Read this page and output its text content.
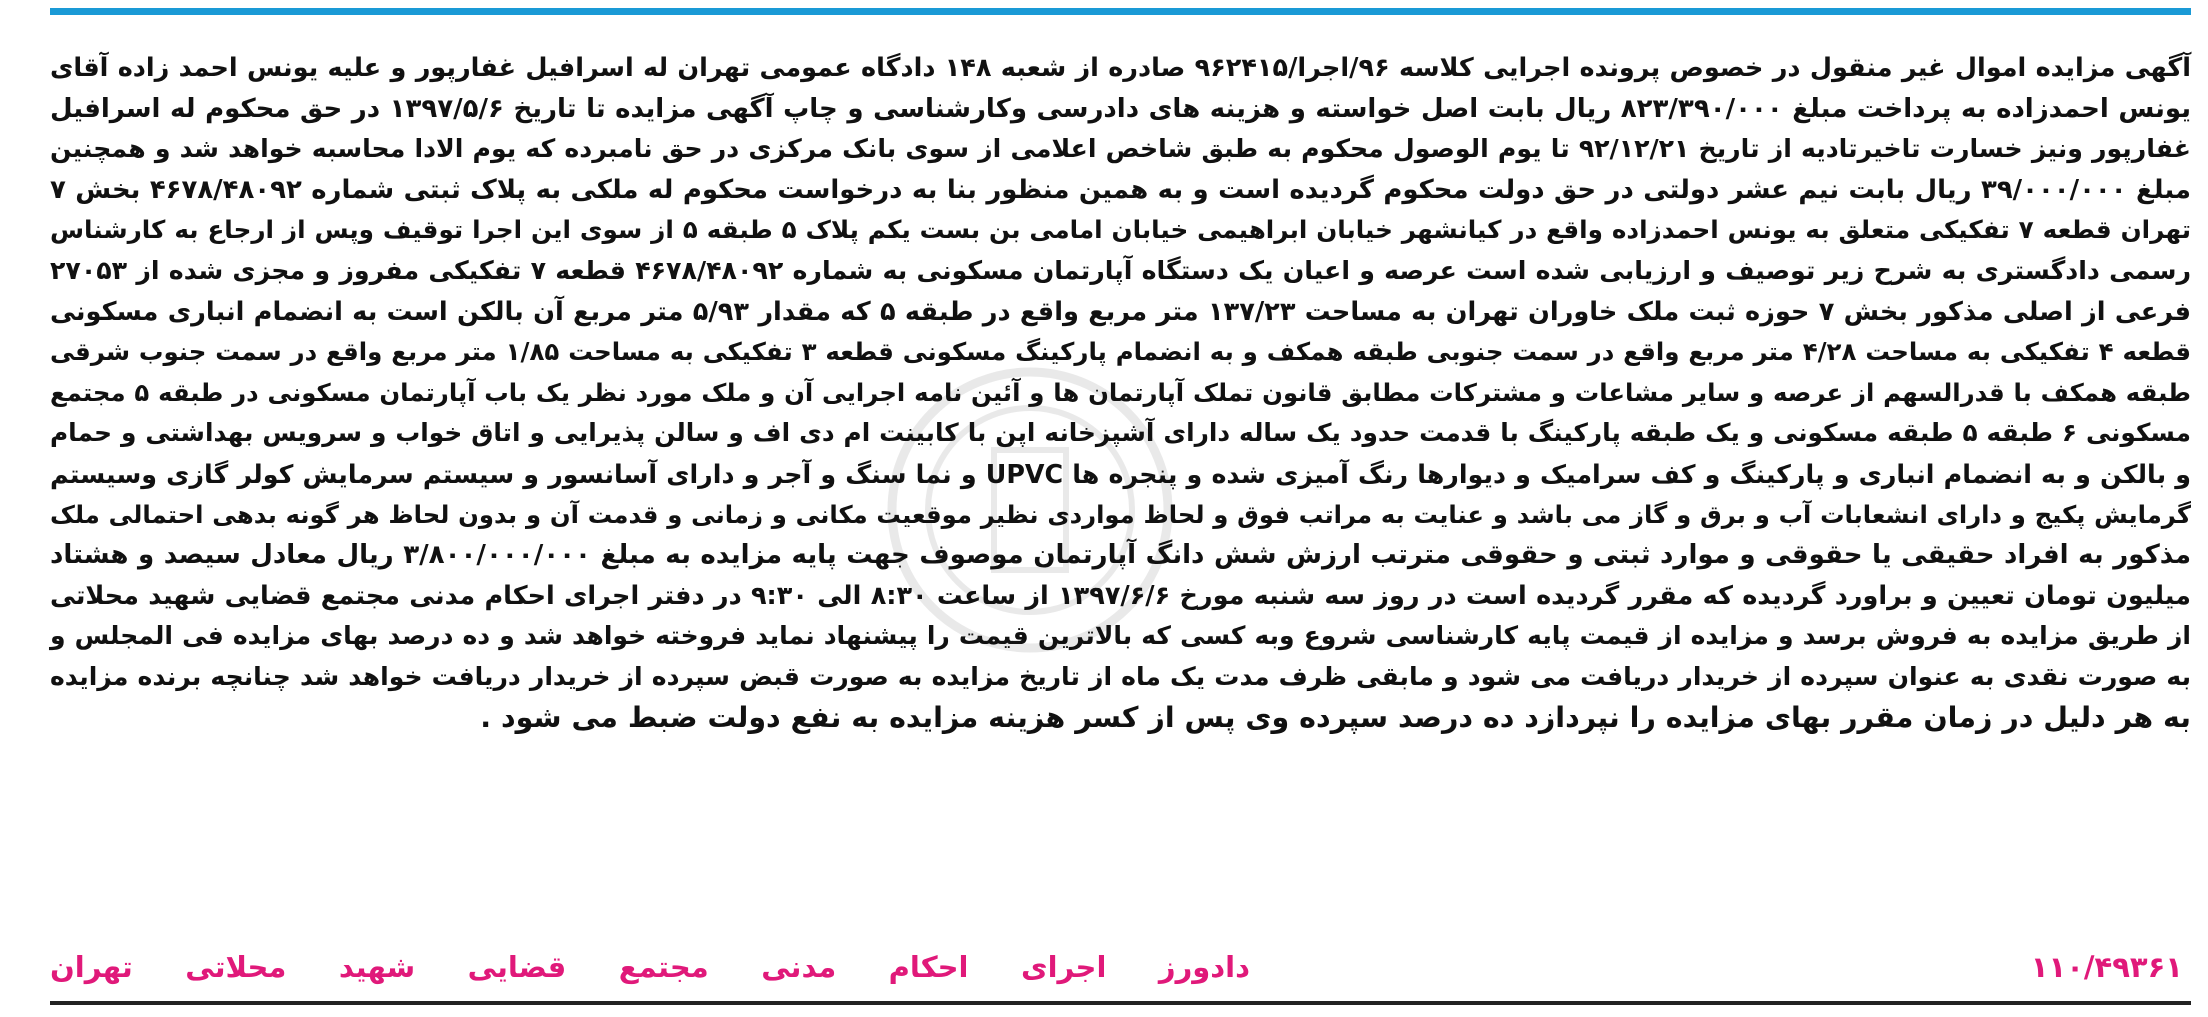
آگهی مزایده اموال غیر منقول در خصوص پرونده اجرایی کلاسه ۹۶/اجرا/۹۶۲۴۱۵ صادره از شعبه ۱۴۸ دادگاه عمومی تهران له اسرافیل غفارپور و علیه یونس احمد زاده آقای
یونس احمدزاده به پرداخت مبلغ ۸۲۳/۳۹۰/۰۰۰ ریال بابت اصل خواسته و هزینه های دادرسی وکارشناسی و چاپ آگهی مزایده تا تاریخ ۱۳۹۷/۵/۶ در حق محکوم له اسرافیل
غفارپور ونیز خسارت تاخیرتادیه از تاریخ ۹۲/۱۲/۲۱ تا یوم الوصول محکوم به طبق شاخص اعلامی از سوی بانک مرکزی در حق نامبرده که یوم الادا محاسبه خواهد شد و همچنین
مبلغ ۳۹/۰۰۰/۰۰۰ ریال بابت نیم عشر دولتی در حق دولت محکوم گردیده است و به همین منظور بنا به درخواست محکوم له ملکی به پلاک ثبتی شماره ۴۶۷۸/۴۸۰۹۲ بخش ۷
تهران قطعه ۷ تفکیکی متعلق به یونس احمدزاده واقع در کیانشهر خیابان ابراهیمی خیابان امامی بن بست یکم پلاک ۵ طبقه ۵ از سوی این اجرا توقیف وپس از ارجاع به کارشناس
رسمی دادگستری به شرح زیر توصیف و ارزیابی شده است عرصه و اعیان یک دستگاه آپارتمان مسکونی به شماره ۴۶۷۸/۴۸۰۹۲ قطعه ۷ تفکیکی مفروز و مجزی شده از ۲۷۰۵۳
فرعی از اصلی مذکور بخش ۷ حوزه ثبت ملک خاوران تهران به مساحت ۱۳۷/۲۳ متر مربع واقع در طبقه ۵ که مقدار ۵/۹۳ متر مربع آن بالکن است به انضمام انباری مسکونی
قطعه ۴ تفکیکی به مساحت ۴/۲۸ متر مربع واقع در سمت جنوبی طبقه همکف و به انضمام پارکینگ مسکونی قطعه ۳ تفکیکی به مساحت ۱/۸۵ متر مربع واقع در سمت جنوب شرقی
طبقه همکف با قدرالسهم از عرصه و سایر مشاعات و مشترکات مطابق قانون تملک آپارتمان ها و آئین نامه اجرایی آن و ملک مورد نظر یک باب آپارتمان مسکونی در طبقه ۵ مجتمع
مسکونی ۶ طبقه ۵ طبقه مسکونی و یک طبقه پارکینگ با قدمت حدود یک ساله دارای آشپزخانه اپن با کابینت ام دی اف و سالن پذیرایی و اتاق خواب و سرویس بهداشتی و حمام
و بالکن و به انضمام انباری و پارکینگ و کف سرامیک و دیوارها رنگ آمیزی شده و پنجره ها UPVC و نما سنگ و آجر و دارای آسانسور و سیستم سرمایش کولر گازی وسیستم
گرمایش پکیج و دارای انشعابات آب و برق و گاز می باشد و عنایت به مراتب فوق و لحاظ مواردی نظیر موقعیت مکانی و زمانی و قدمت آن و بدون لحاظ هر گونه بدهی احتمالی ملک
مذکور به افراد حقیقی یا حقوقی و موارد ثبتی و حقوقی مترتب ارزش شش دانگ آپارتمان موصوف جهت پایه مزایده به مبلغ ۳/۸۰۰/۰۰۰/۰۰۰ ریال معادل سیصد و هشتاد
میلیون تومان تعیین و براورد گردیده که مقرر گردیده است در روز سه شنبه مورخ ۱۳۹۷/۶/۶ از ساعت ۸:۳۰ الی ۹:۳۰ در دفتر اجرای احکام مدنی مجتمع قضایی شهید محلاتی
از طریق مزایده به فروش برسد و مزایده از قیمت پایه کارشناسی شروع وبه کسی که بالاترین قیمت را پیشنهاد نماید فروخته خواهد شد و ده درصد بهای مزایده فی المجلس و
به صورت نقدی به عنوان سپرده از خریدار دریافت می شود و مابقی ظرف مدت یک ماه از تاریخ مزایده به صورت قبض سپرده از خریدار دریافت خواهد شد چنانچه برنده مزایده
به هر دلیل در زمان مقرر بهای مزایده را نپردازد ده درصد سپرده وی پس از کسر هزینه مزایده به نفع دولت ضبط می شود .
۱۱۰/۴۹۳۶۱
دادورز
اجرای
احکام
مدنی
مجتمع
قضایی
شهید
محلاتی
تهران
